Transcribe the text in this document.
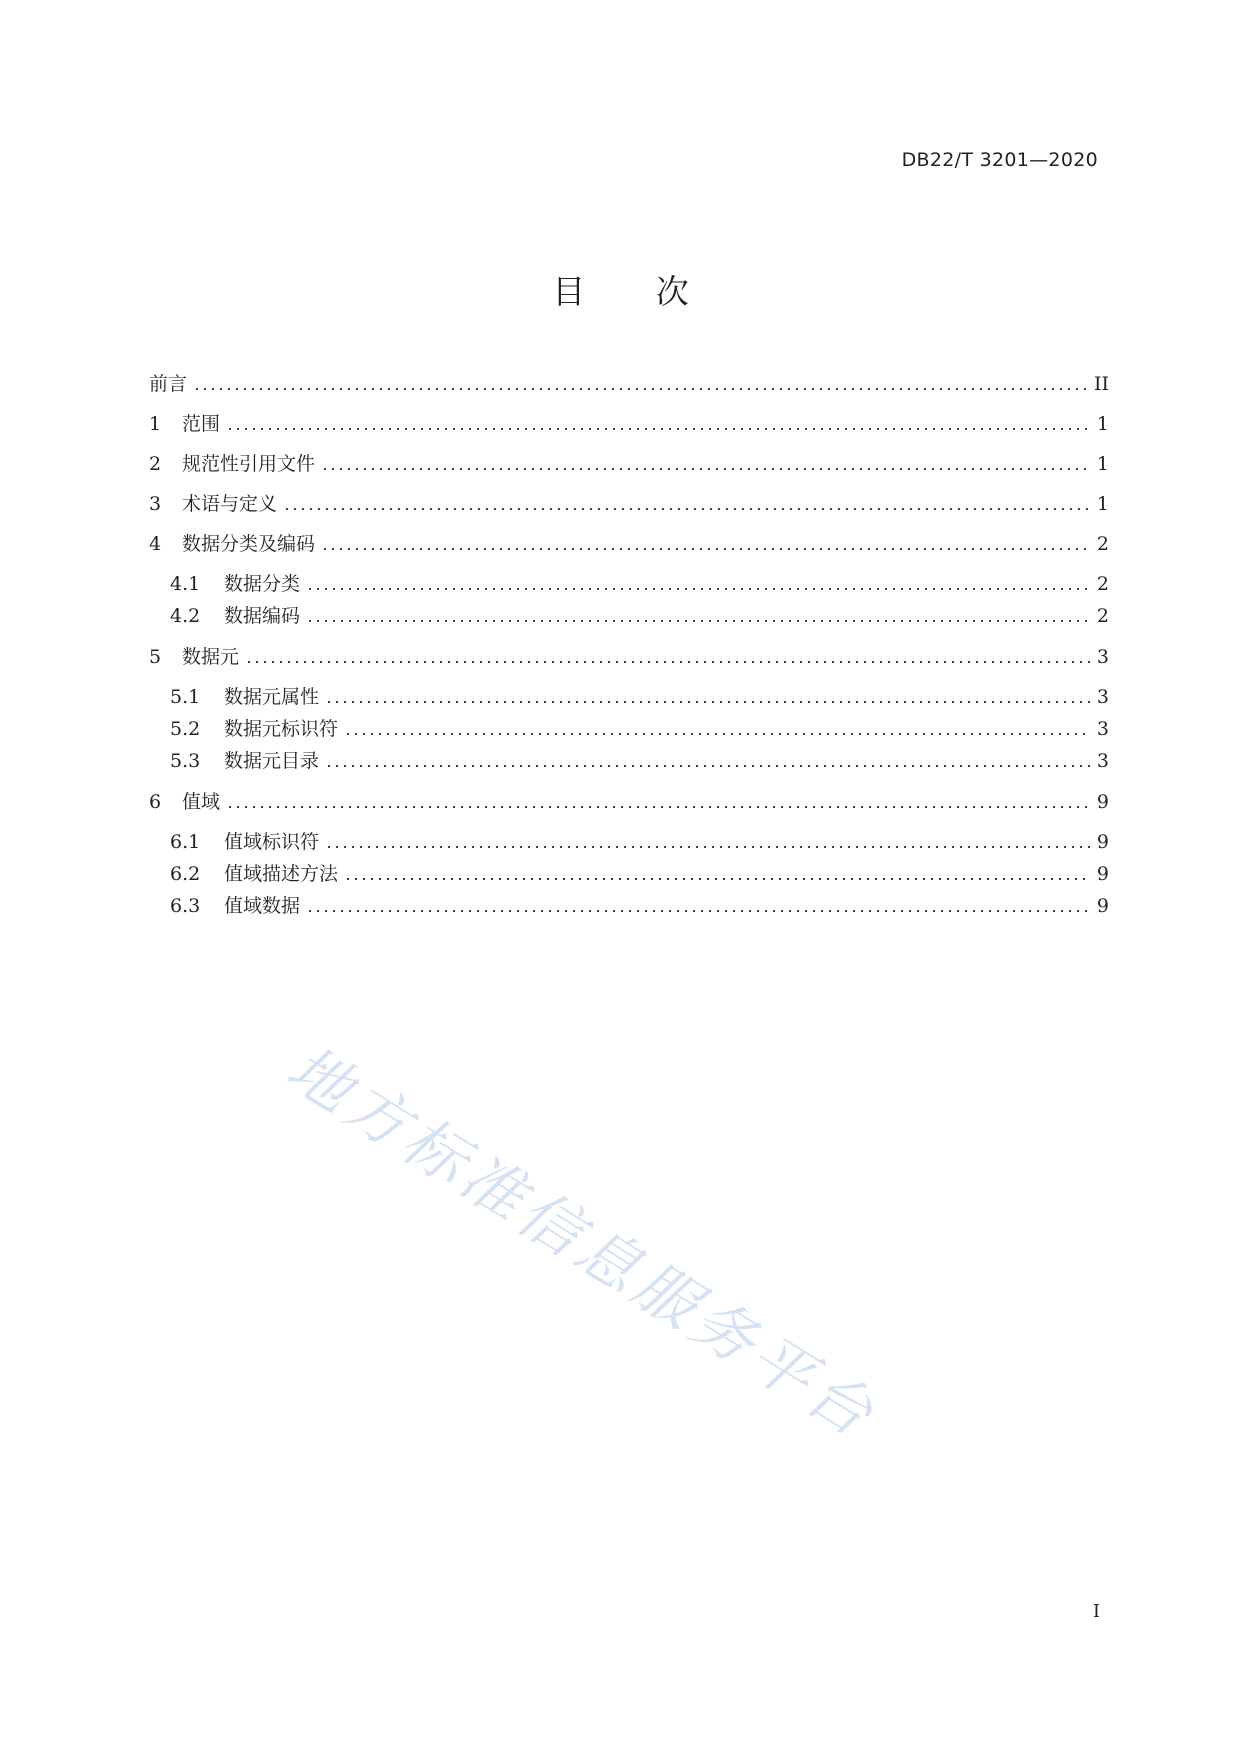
DB22/T 3201—2020
目 次
前言	II
1	范围	1
2	规范性引用文件	1
3	术语与定义	1
4	数据分类及编码	2
4.1	数据分类	2
4.2	数据编码	2
5	数据元	3
5.1	数据元属性	3
5.2	数据元标识符	3
5.3	数据元目录	3
6	值域	9
6.1	值域标识符	9
6.2	值域描述方法	9
6.3	值域数据	9
地方标准信息服务平台
I
